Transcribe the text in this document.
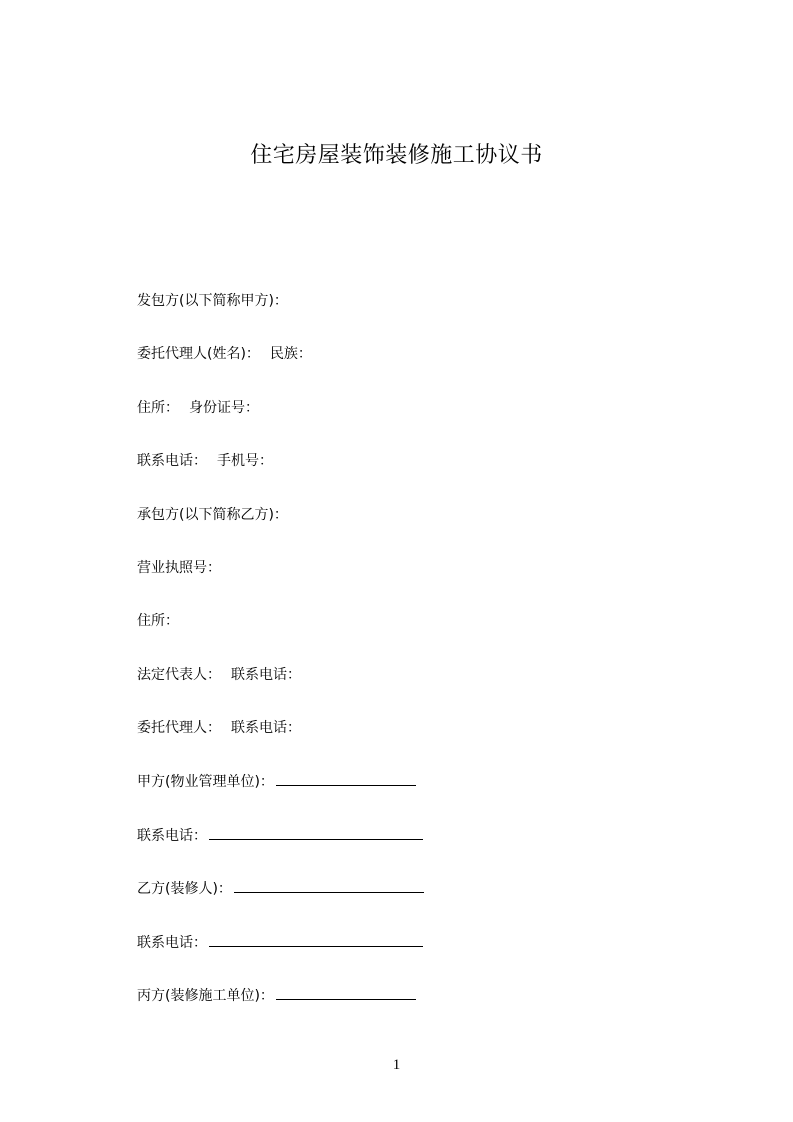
住宅房屋装饰装修施工协议书
发包方(以下简称甲方)：
委托代理人(姓名)： 民族：
住所： 身份证号：
联系电话： 手机号：
承包方(以下简称乙方)：
营业执照号：
住所：
法定代表人： 联系电话：
委托代理人： 联系电话：
甲方(物业管理单位)：
联系电话：
乙方(装修人)：
联系电话：
丙方(装修施工单位)：
1
